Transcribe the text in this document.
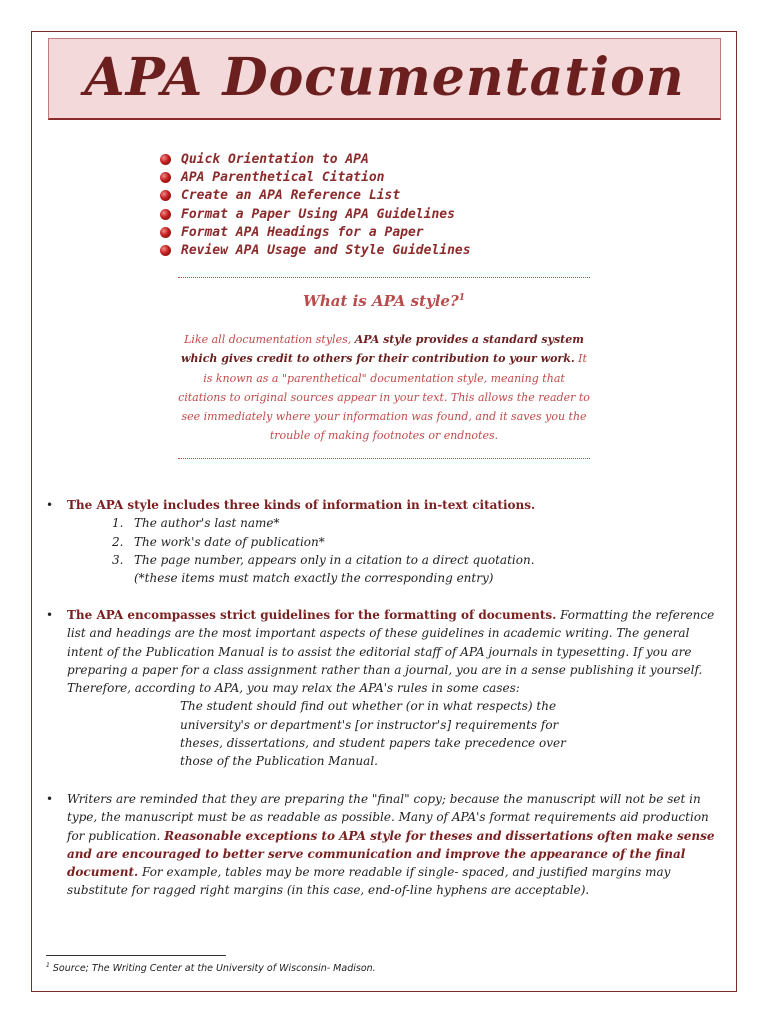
APA Documentation
Quick Orientation to APA
APA Parenthetical Citation
Create an APA Reference List
Format a Paper Using APA Guidelines
Format APA Headings for a Paper
Review APA Usage and Style Guidelines
What is APA style?$^1$

Like all documentation styles, APA style provides a standard system which gives credit to others for their contribution to your work. It is known as a "parenthetical" documentation style, meaning that citations to original sources appear in your text. This allows the reader to see immediately where your information was found, and it saves you the trouble of making footnotes or endnotes.

• The APA style includes three kinds of information in in-text citations.
1. The author's last name*
2. The work's date of publication*
3. The page number, appears only in a citation to a direct quotation.
(*these items must match exactly the corresponding entry)
• The APA encompasses strict guidelines for the formatting of documents. Formatting the reference list and headings are the most important aspects of these guidelines in academic writing. The general intent of the Publication Manual is to assist the editorial staff of APA journals in typesetting. If you are preparing a paper for a class assignment rather than a journal, you are in a sense publishing it yourself. Therefore, according to APA, you may relax the APA's rules in some cases:
The student should find out whether (or in what respects) the university's or department's [or instructor's] requirements for theses, dissertations, and student papers take precedence over those of the Publication Manual.
• Writers are reminded that they are preparing the "final" copy; because the manuscript will not be set in type, the manuscript must be as readable as possible. Many of APA's format requirements aid production for publication. Reasonable exceptions to APA style for theses and dissertations often make sense and are encouraged to better serve communication and improve the appearance of the final document. For example, tables may be more readable if single- spaced, and justified margins may substitute for ragged right margins (in this case, end-of-line hyphens are acceptable).
$^1$ Source; The Writing Center at the University of Wisconsin- Madison.
